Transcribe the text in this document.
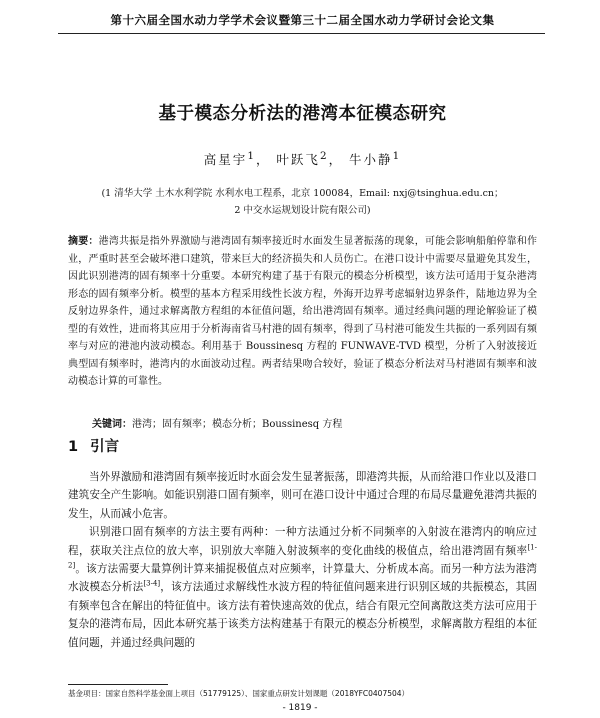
第十六届全国水动力学学术会议暨第三十二届全国水动力学研讨会论文集
基于模态分析法的港湾本征模态研究
高星宇$^1$， 叶跃飞$^2$， 牛小静$^1$
(1 清华大学 土木水利学院 水利水电工程系，北京 100084，Email: nxj@tsinghua.edu.cn；
2 中交水运规划设计院有限公司)
摘要：港湾共振是指外界激励与港湾固有频率接近时水面发生显著振荡的现象，可能会影响船舶停靠和作业，严重时甚至会破坏港口建筑，带来巨大的经济损失和人员伤亡。在港口设计中需要尽量避免其发生，因此识别港湾的固有频率十分重要。本研究构建了基于有限元的模态分析模型，该方法可适用于复杂港湾形态的固有频率分析。模型的基本方程采用线性长波方程，外海开边界考虑辐射边界条件，陆地边界为全反射边界条件，通过求解离散方程组的本征值问题，给出港湾固有频率。通过经典问题的理论解验证了模型的有效性，进而将其应用于分析海南省马村港的固有频率，得到了马村港可能发生共振的一系列固有频率与对应的港池内波动模态。利用基于 Boussinesq 方程的 FUNWAVE-TVD 模型，分析了入射波接近典型固有频率时，港湾内的水面波动过程。两者结果吻合较好，验证了模态分析法对马村港固有频率和波动模态计算的可靠性。
关键词：港湾；固有频率；模态分析；Boussinesq 方程
1 引言

当外界激励和港湾固有频率接近时水面会发生显著振荡，即港湾共振，从而给港口作业以及港口建筑安全产生影响。如能识别港口固有频率，则可在港口设计中通过合理的布局尽量避免港湾共振的发生，从而减小危害。

识别港口固有频率的方法主要有两种：一种方法通过分析不同频率的入射波在港湾内的响应过程，获取关注点位的放大率，识别放大率随入射波频率的变化曲线的极值点，给出港湾固有频率[1-2]。该方法需要大量算例计算来捕捉极值点对应频率，计算量大、分析成本高。而另一种方法为港湾水波模态分析法[3-4]，该方法通过求解线性水波方程的特征值问题来进行识别区域的共振模态，其固有频率包含在解出的特征值中。该方法有着快速高效的优点，结合有限元空间离散这类方法可应用于复杂的港湾布局，因此本研究基于该类方法构建基于有限元的模态分析模型，求解离散方程组的本征值问题，并通过经典问题的

基金项目：国家自然科学基金面上项目（51779125）、国家重点研发计划课题（2018YFC0407504）
- 1819 -
